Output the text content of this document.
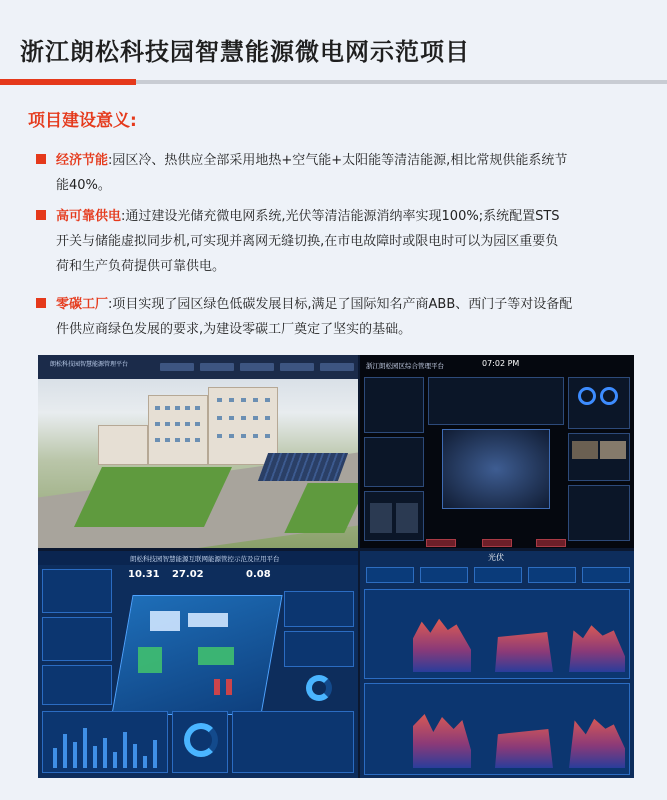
浙江朗松科技园智慧能源微电网示范项目
项目建设意义:
经济节能:园区冷、热供应全部采用地热+空气能+太阳能等清洁能源,相比常规供能系统节
能40%。
高可靠供电:通过建设光储充微电网系统,光伏等清洁能源消纳率实现100%;系统配置STS
开关与储能虚拟同步机,可实现并离网无缝切换,在市电故障时或限电时可以为园区重要负
荷和生产负荷提供可靠供电。
零碳工厂:项目实现了园区绿色低碳发展目标,满足了国际知名产商ABB、西门子等对设备配
件供应商绿色发展的要求,为建设零碳工厂奠定了坚实的基础。
朗松科技园智慧能源管理平台	浙江朗松园区综合管理平台	07:02 PM
朗松科技园智慧能源互联网能源管控示范及应用平台
10.31 27.02	0.08
光伏
